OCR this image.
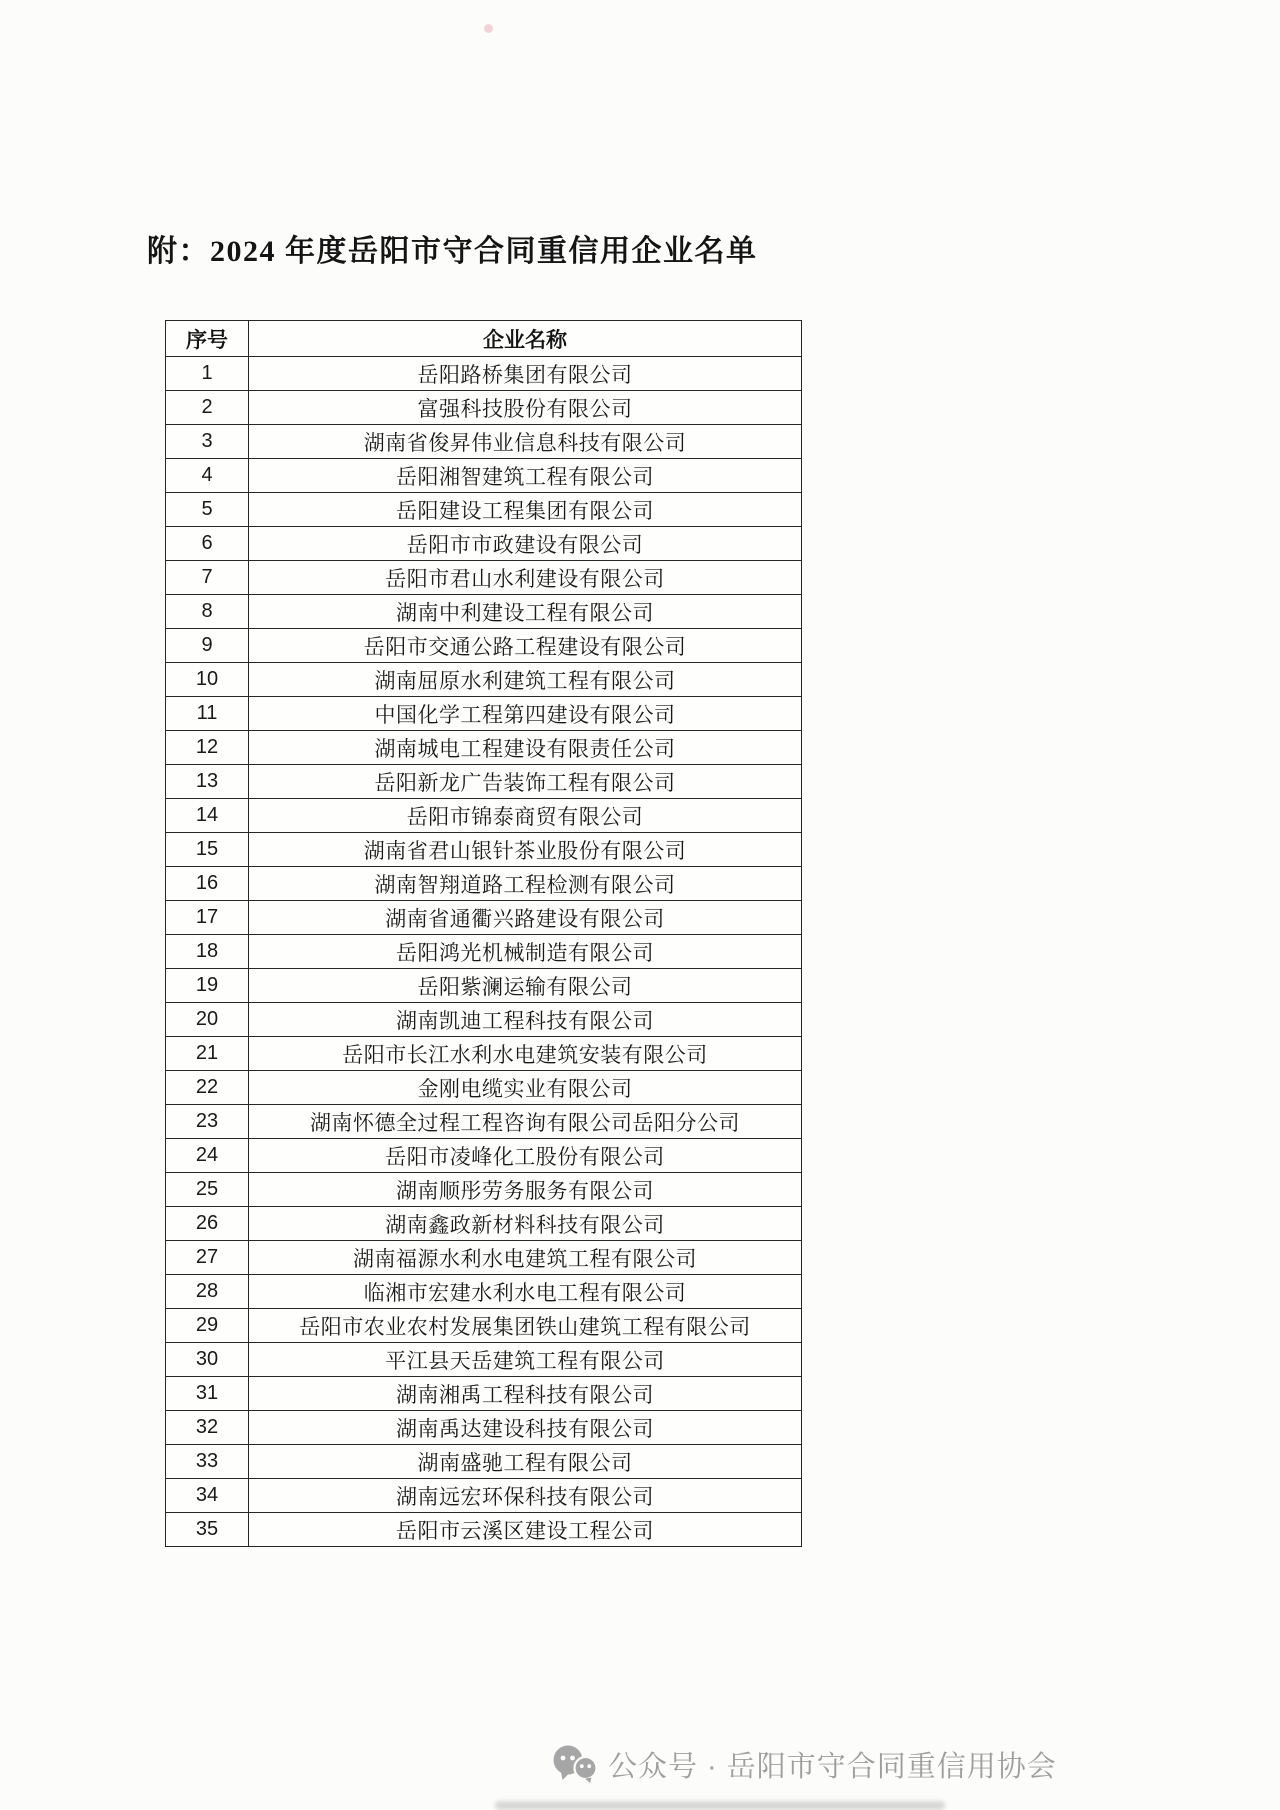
附：2024 年度岳阳市守合同重信用企业名单
序号	企业名称
1	岳阳路桥集团有限公司
2	富强科技股份有限公司
3	湖南省俊昇伟业信息科技有限公司
4	岳阳湘智建筑工程有限公司
5	岳阳建设工程集团有限公司
6	岳阳市市政建设有限公司
7	岳阳市君山水利建设有限公司
8	湖南中利建设工程有限公司
9	岳阳市交通公路工程建设有限公司
10	湖南屈原水利建筑工程有限公司
11	中国化学工程第四建设有限公司
12	湖南城电工程建设有限责任公司
13	岳阳新龙广告装饰工程有限公司
14	岳阳市锦泰商贸有限公司
15	湖南省君山银针茶业股份有限公司
16	湖南智翔道路工程检测有限公司
17	湖南省通衢兴路建设有限公司
18	岳阳鸿光机械制造有限公司
19	岳阳紫澜运输有限公司
20	湖南凯迪工程科技有限公司
21	岳阳市长江水利水电建筑安装有限公司
22	金刚电缆实业有限公司
23	湖南怀德全过程工程咨询有限公司岳阳分公司
24	岳阳市凌峰化工股份有限公司
25	湖南顺彤劳务服务有限公司
26	湖南鑫政新材料科技有限公司
27	湖南福源水利水电建筑工程有限公司
28	临湘市宏建水利水电工程有限公司
29	岳阳市农业农村发展集团铁山建筑工程有限公司
30	平江县天岳建筑工程有限公司
31	湖南湘禹工程科技有限公司
32	湖南禹达建设科技有限公司
33	湖南盛驰工程有限公司
34	湖南远宏环保科技有限公司
35	岳阳市云溪区建设工程公司
公众号 · 岳阳市守合同重信用协会
